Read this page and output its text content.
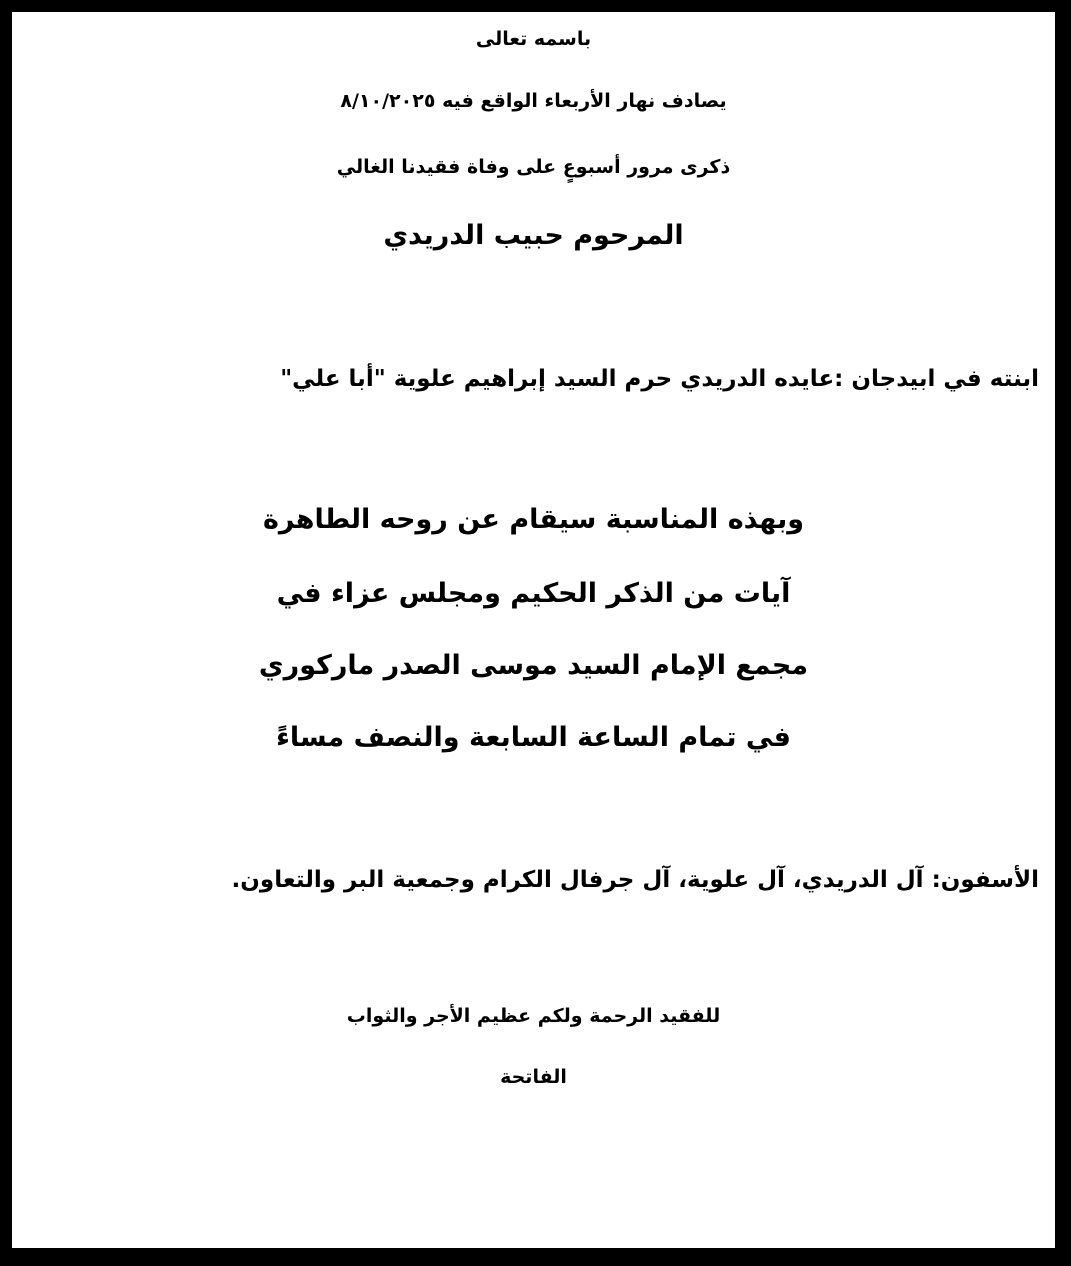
باسمه تعالى
يصادف نهار الأربعاء الواقع فيه ٨/١٠/٢٠٢٥
ذكرى مرور أسبوعٍ على وفاة فقيدنا الغالي
المرحوم حبيب الدريدي
ابنته في ابيدجان :عايده الدريدي حرم السيد إبراهيم علوية "أبا علي"
وبهذه المناسبة سيقام عن روحه الطاهرة
آيات من الذكر الحكيم ومجلس عزاء في
مجمع الإمام السيد موسى الصدر ماركوري
في تمام الساعة السابعة والنصف مساءً
الأسفون: آل الدريدي، آل علوية، آل جرفال الكرام وجمعية البر والتعاون.
للفقيد الرحمة ولكم عظيم الأجر والثواب
الفاتحة
